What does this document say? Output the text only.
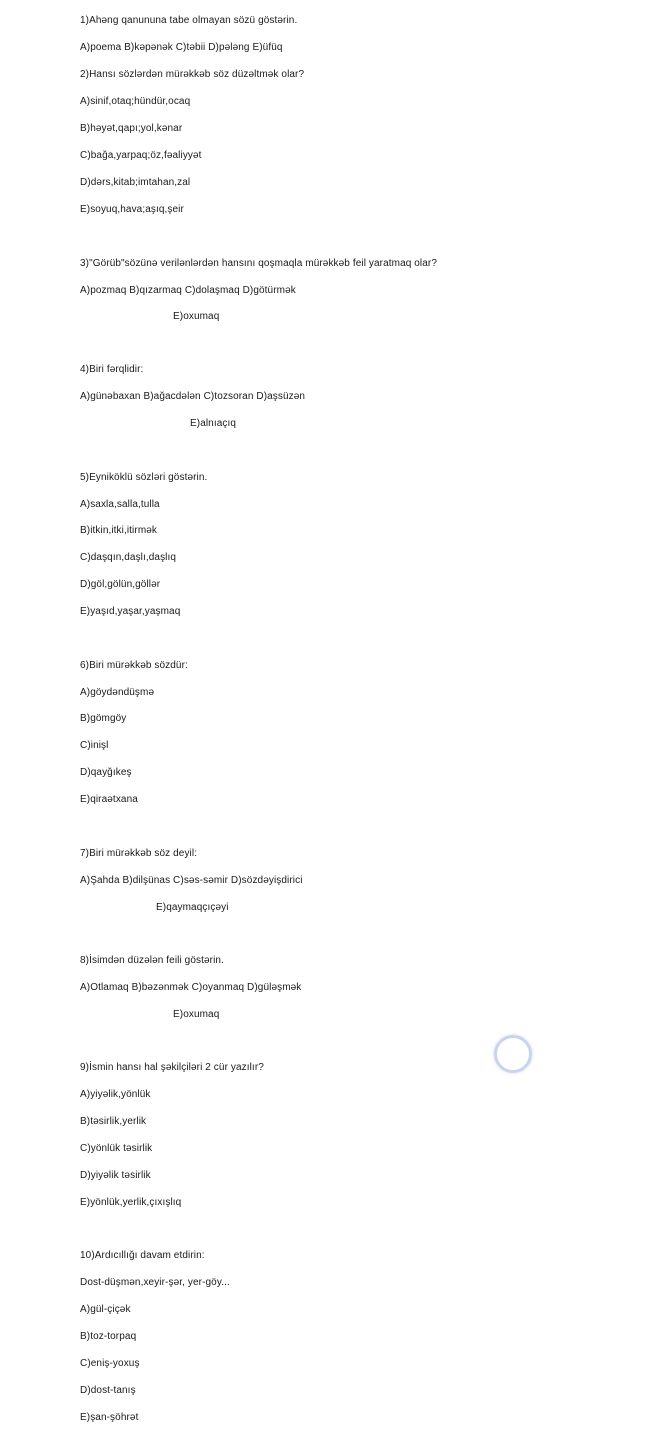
1)Ahəng qanununa tabe olmayan sözü göstərin.
A)poema B)kəpənək C)təbii D)pələng E)üfüq
2)Hansı sözlərdən mürəkkəb söz düzəltmək olar?
A)sinif,otaq;hündür,ocaq
B)həyət,qapı;yol,kənar
C)bağa,yarpaq;öz,fəaliyyət
D)dərs,kitab;imtahan,zal
E)soyuq,hava;aşıq,şeir
3)"Görüb"sözünə verilənlərdən hansını qoşmaqla mürəkkəb feil yaratmaq olar?
A)pozmaq B)qızarmaq C)dolaşmaq D)götürmək
E)oxumaq
4)Biri fərqlidir:
A)günəbaxan B)ağacdələn C)tozsoran D)aşsüzən
E)alnıaçıq
5)Eyniköklü sözləri göstərin.
A)saxla,salla,tulla
B)itkin,itki,itirmək
C)daşqın,daşlı,daşlıq
D)göl,gölün,göllər
E)yaşıd,yaşar,yaşmaq
6)Biri mürəkkəb sözdür:
A)göydəndüşmə
B)gömgöy
C)inişl
D)qayğıkeş
E)qiraətxana
7)Biri mürəkkəb söz deyil:
A)Şahda B)dilşünas C)səs-səmir D)sözdəyişdirici
E)qaymaqçıçəyi
8)İsimdən düzələn feili göstərin.
A)Otlamaq B)bəzənmək C)oyanmaq D)güləşmək
E)oxumaq
9)İsmin hansı hal şəkilçiləri 2 cür yazılır?
A)yiyəlik,yönlük
B)təsirlik,yerlik
C)yönlük təsirlik
D)yiyəlik təsirlik
E)yönlük,yerlik,çıxışlıq
10)Ardıcıllığı davam etdirin:
Dost-düşmən,xeyir-şər, yer-göy...
A)gül-çiçək
B)toz-torpaq
C)eniş-yoxuş
D)dost-tanış
E)şan-şöhrət
